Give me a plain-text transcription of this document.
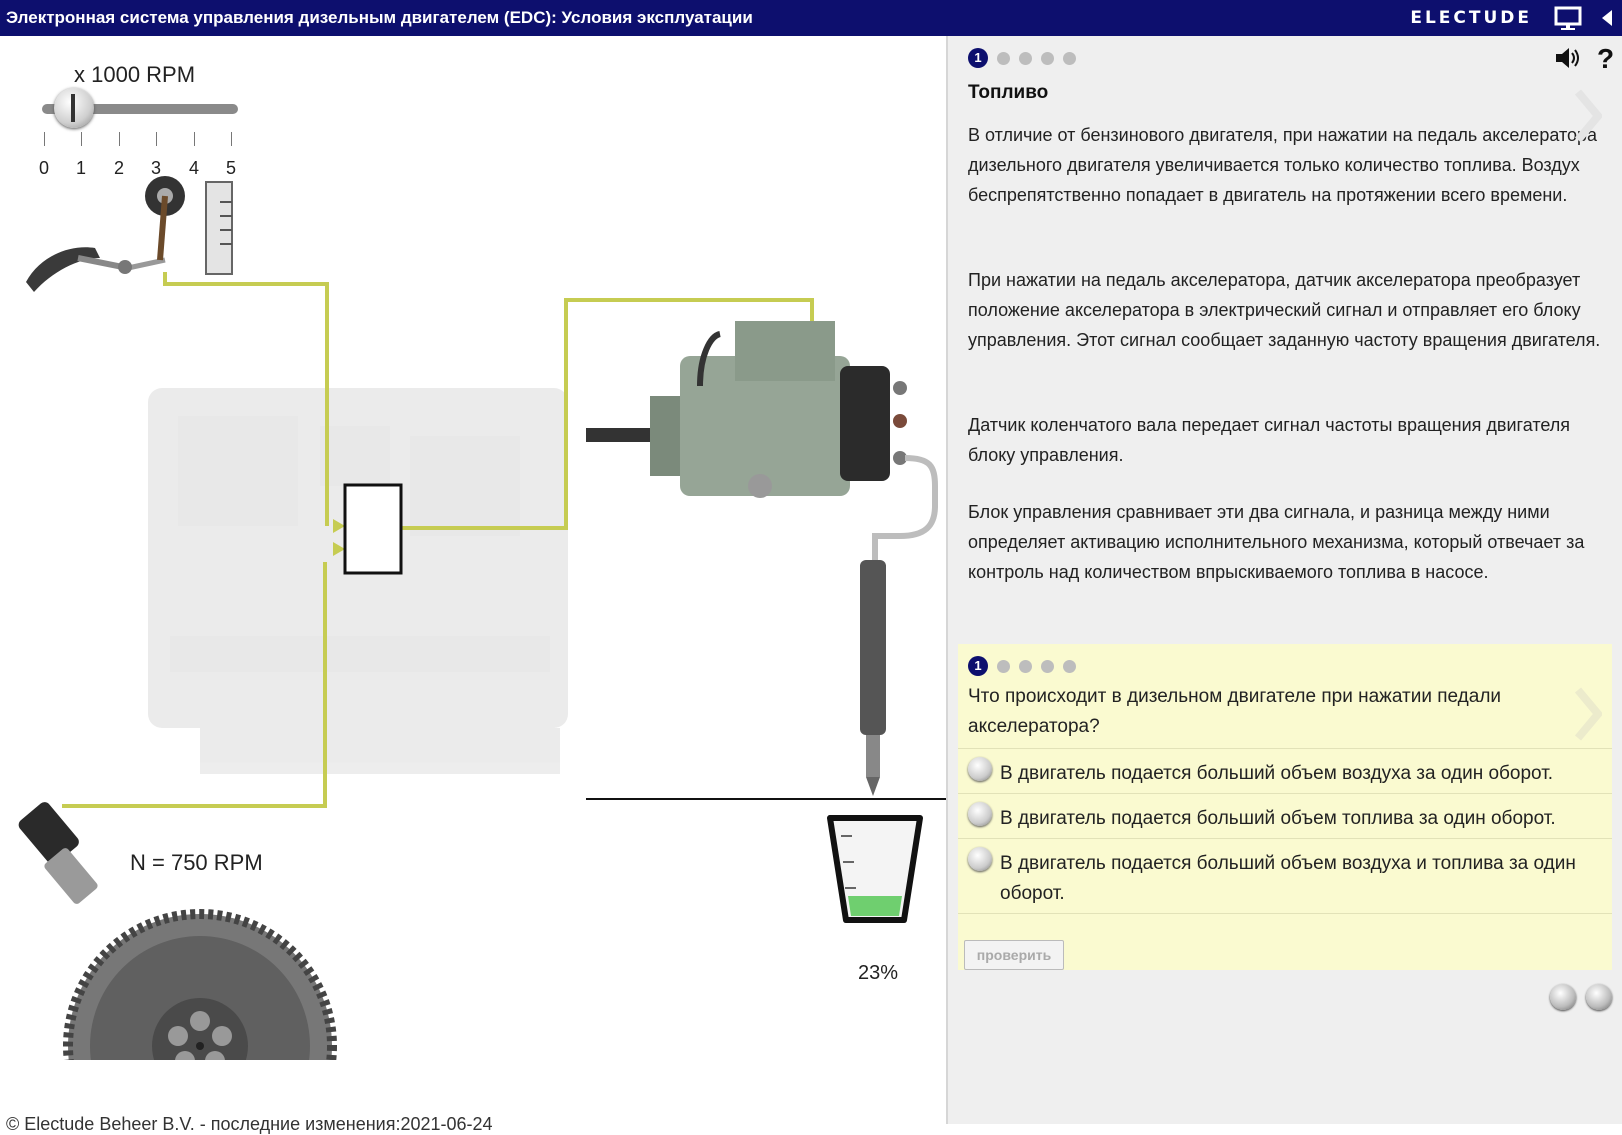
Электронная система управления дизельным двигателем (EDC): Условия эксплуатации	ELECTUDE
x 1000 RPM
0 1 2 3 4 5
N = 750 RPM
23%
© Electude Beheer B.V. - последние изменения:2021-06-24
1	?
Топливо
В отличие от бензинового двигателя, при нажатии на педаль акселератора дизельного двигателя увеличивается только количество топлива. Воздух беспрепятственно попадает в двигатель на протяжении всего времени.
При нажатии на педаль акселератора, датчик акселератора преобразует положение акселератора в электрический сигнал и отправляет его блоку управления. Этот сигнал сообщает заданную частоту вращения двигателя.
Датчик коленчатого вала передает сигнал частоты вращения двигателя блоку управления.
Блок управления сравнивает эти два сигнала, и разница между ними определяет активацию исполнительного механизма, который отвечает за контроль над количеством впрыскиваемого топлива в насосе.
1
Что происходит в дизельном двигателе при нажатии педали акселератора?
В двигатель подается больший объем воздуха за один оборот.
В двигатель подается больший объем топлива за один оборот.
В двигатель подается больший объем воздуха и топлива за один оборот.
проверить
